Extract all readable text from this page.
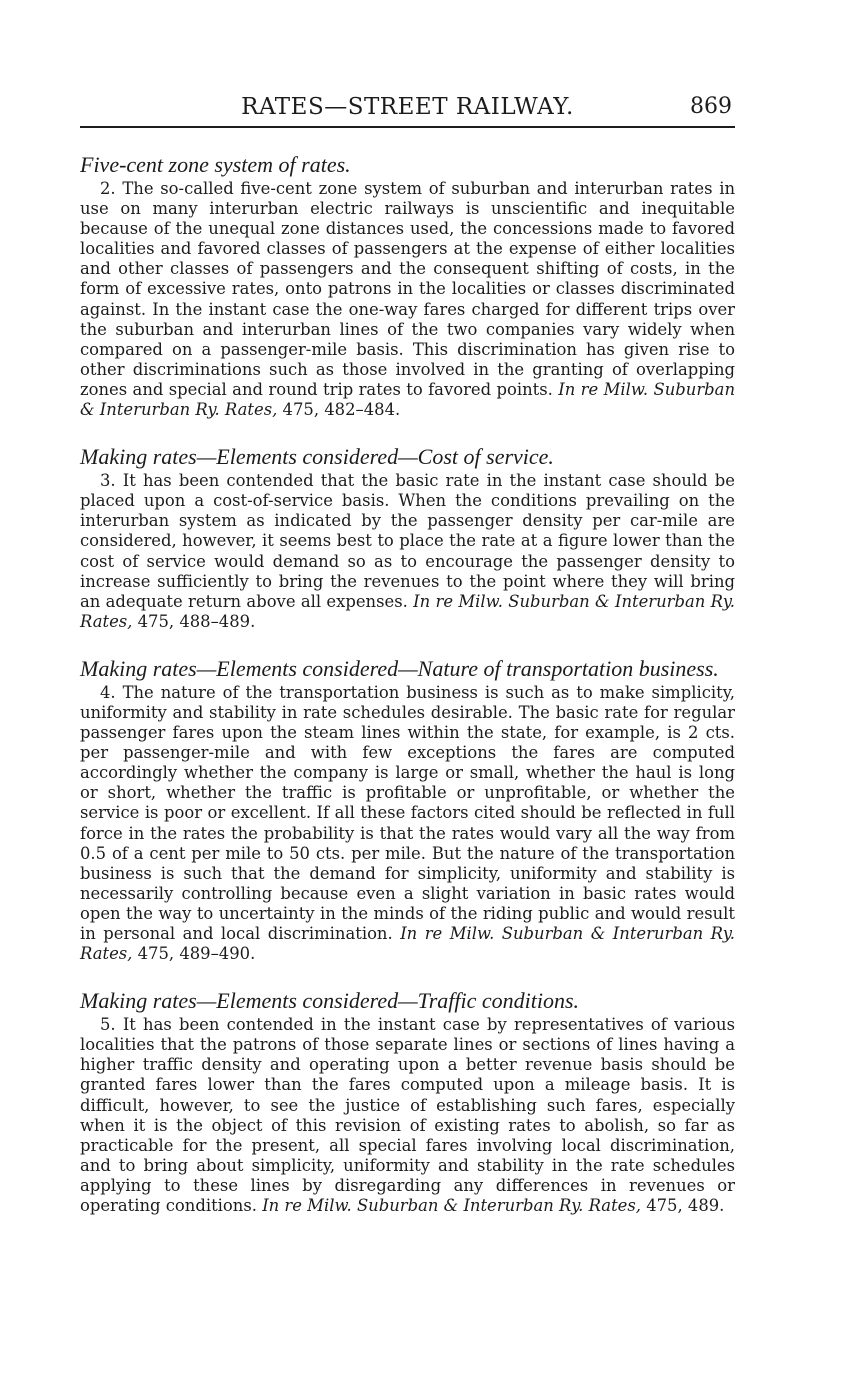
RATES—STREET RAILWAY.	869
Five-cent zone system of rates.

2. The so-called five-cent zone system of suburban and interurban rates in use on many interurban electric railways is unscientific and inequitable because of the unequal zone distances used, the concessions made to favored localities and favored classes of passengers at the expense of either localities and other classes of passengers and the consequent shifting of costs, in the form of excessive rates, onto patrons in the localities or classes discriminated against. In the instant case the one-way fares charged for different trips over the suburban and interurban lines of the two companies vary widely when compared on a passenger-mile basis. This discrimination has given rise to other discriminations such as those involved in the granting of overlapping zones and special and round trip rates to favored points. In re Milw. Suburban & Interurban Ry. Rates, 475, 482–484.

Making rates—Elements considered—Cost of service.

3. It has been contended that the basic rate in the instant case should be placed upon a cost-of-service basis. When the conditions prevailing on the interurban system as indicated by the passenger density per car-mile are considered, however, it seems best to place the rate at a figure lower than the cost of service would demand so as to encourage the passenger density to increase sufficiently to bring the revenues to the point where they will bring an adequate return above all expenses. In re Milw. Suburban & Interurban Ry. Rates, 475, 488–489.

Making rates—Elements considered—Nature of transportation business.

4. The nature of the transportation business is such as to make simplicity, uniformity and stability in rate schedules desirable. The basic rate for regular passenger fares upon the steam lines within the state, for example, is 2 cts. per passenger-mile and with few exceptions the fares are computed accordingly whether the company is large or small, whether the haul is long or short, whether the traffic is profitable or unprofitable, or whether the service is poor or excellent. If all these factors cited should be reflected in full force in the rates the probability is that the rates would vary all the way from 0.5 of a cent per mile to 50 cts. per mile. But the nature of the transportation business is such that the demand for simplicity, uniformity and stability is necessarily controlling because even a slight variation in basic rates would open the way to uncertainty in the minds of the riding public and would result in personal and local discrimination. In re Milw. Suburban & Interurban Ry. Rates, 475, 489–490.

Making rates—Elements considered—Traffic conditions.

5. It has been contended in the instant case by representatives of various localities that the patrons of those separate lines or sections of lines having a higher traffic density and operating upon a better revenue basis should be granted fares lower than the fares computed upon a mileage basis. It is difficult, however, to see the justice of establishing such fares, especially when it is the object of this revision of existing rates to abolish, so far as practicable for the present, all special fares involving local discrimination, and to bring about simplicity, uniformity and stability in the rate schedules applying to these lines by disregarding any differences in revenues or operating conditions. In re Milw. Suburban & Interurban Ry. Rates, 475, 489.
